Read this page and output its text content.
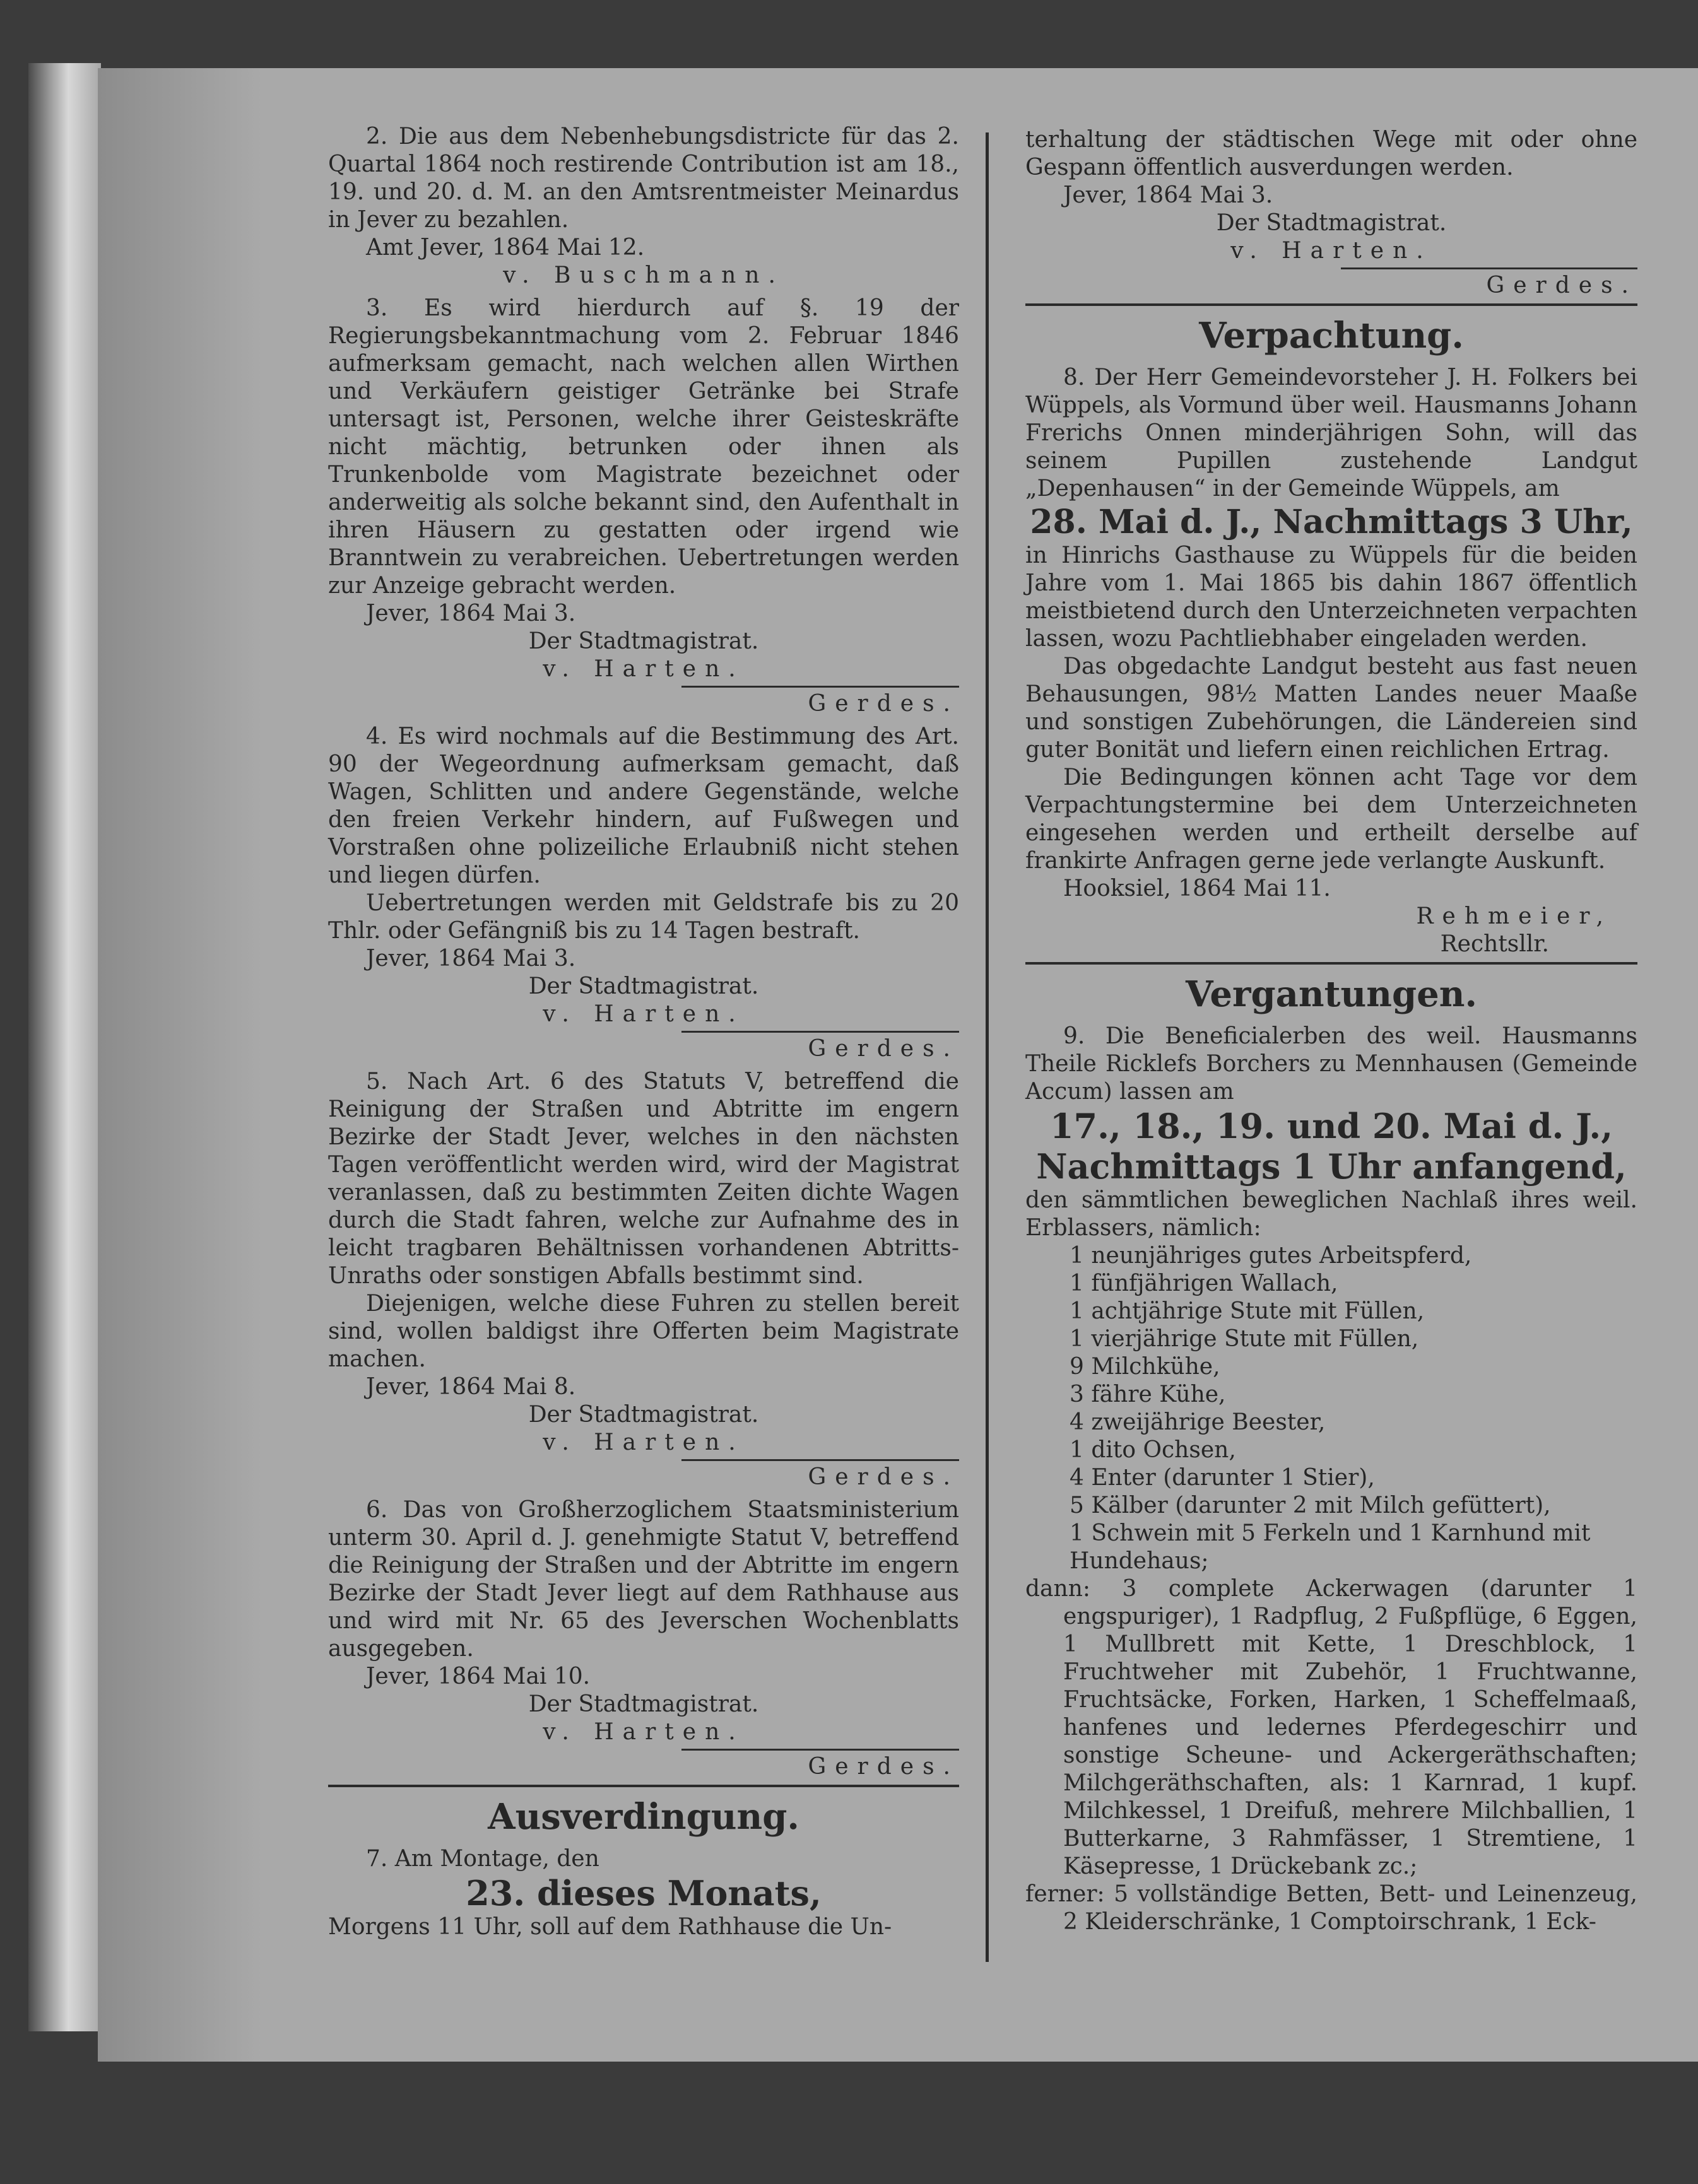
2. Die aus dem Nebenhebungsdistricte für das 2. Quartal 1864 noch restirende Contribution ist am 18., 19. und 20. d. M. an den Amtsrentmeister Meinardus in Jever zu bezahlen.

Amt Jever, 1864 Mai 12.

v. Buschmann.

3. Es wird hierdurch auf §. 19 der Regierungsbekanntmachung vom 2. Februar 1846 aufmerksam gemacht, nach welchen allen Wirthen und Verkäufern geistiger Getränke bei Strafe untersagt ist, Personen, welche ihrer Geisteskräfte nicht mächtig, betrunken oder ihnen als Trunkenbolde vom Magistrate bezeichnet oder anderweitig als solche bekannt sind, den Aufenthalt in ihren Häusern zu gestatten oder irgend wie Branntwein zu verabreichen. Uebertretungen werden zur Anzeige gebracht werden.

Jever, 1864 Mai 3.

Der Stadtmagistrat.

v. Harten.

Gerdes.

4. Es wird nochmals auf die Bestimmung des Art. 90 der Wegeordnung aufmerksam gemacht, daß Wagen, Schlitten und andere Gegenstände, welche den freien Verkehr hindern, auf Fußwegen und Vorstraßen ohne polizeiliche Erlaubniß nicht stehen und liegen dürfen.

Uebertretungen werden mit Geldstrafe bis zu 20 Thlr. oder Gefängniß bis zu 14 Tagen bestraft.

Jever, 1864 Mai 3.

Der Stadtmagistrat.

v. Harten.

Gerdes.

5. Nach Art. 6 des Statuts V, betreffend die Reinigung der Straßen und Abtritte im engern Bezirke der Stadt Jever, welches in den nächsten Tagen veröffentlicht werden wird, wird der Magistrat veranlassen, daß zu bestimmten Zeiten dichte Wagen durch die Stadt fahren, welche zur Aufnahme des in leicht tragbaren Behältnissen vorhandenen Abtritts-Unraths oder sonstigen Abfalls bestimmt sind.

Diejenigen, welche diese Fuhren zu stellen bereit sind, wollen baldigst ihre Offerten beim Magistrate machen.

Jever, 1864 Mai 8.

Der Stadtmagistrat.

v. Harten.

Gerdes.

6. Das von Großherzoglichem Staatsministerium unterm 30. April d. J. genehmigte Statut V, betreffend die Reinigung der Straßen und der Abtritte im engern Bezirke der Stadt Jever liegt auf dem Rathhause aus und wird mit Nr. 65 des Jeverschen Wochenblatts ausgegeben.

Jever, 1864 Mai 10.

Der Stadtmagistrat.

v. Harten.

Gerdes.

Ausverdingung.

7. Am Montage, den

23. dieses Monats,

Morgens 11 Uhr, soll auf dem Rathhause die Un-

terhaltung der städtischen Wege mit oder ohne Gespann öffentlich ausverdungen werden.

Jever, 1864 Mai 3.

Der Stadtmagistrat.

v. Harten.

Gerdes.

Verpachtung.

8. Der Herr Gemeindevorsteher J. H. Folkers bei Wüppels, als Vormund über weil. Hausmanns Johann Frerichs Onnen minderjährigen Sohn, will das seinem Pupillen zustehende Landgut „Depenhausen“ in der Gemeinde Wüppels, am

28. Mai d. J., Nachmittags 3 Uhr,

in Hinrichs Gasthause zu Wüppels für die beiden Jahre vom 1. Mai 1865 bis dahin 1867 öffentlich meistbietend durch den Unterzeichneten verpachten lassen, wozu Pachtliebhaber eingeladen werden.

Das obgedachte Landgut besteht aus fast neuen Behausungen, 98½ Matten Landes neuer Maaße und sonstigen Zubehörungen, die Ländereien sind guter Bonität und liefern einen reichlichen Ertrag.

Die Bedingungen können acht Tage vor dem Verpachtungstermine bei dem Unterzeichneten eingesehen werden und ertheilt derselbe auf frankirte Anfragen gerne jede verlangte Auskunft.

Hooksiel, 1864 Mai 11.

Rehmeier,

Rechtsllr.

Vergantungen.

9. Die Beneficialerben des weil. Hausmanns Theile Ricklefs Borchers zu Mennhausen (Gemeinde Accum) lassen am

17., 18., 19. und 20. Mai d. J.,
Nachmittags 1 Uhr anfangend,

den sämmtlichen beweglichen Nachlaß ihres weil. Erblassers, nämlich:

1 neunjähriges gutes Arbeitspferd,

1 fünfjährigen Wallach,

1 achtjährige Stute mit Füllen,

1 vierjährige Stute mit Füllen,

9 Milchkühe,

3 fähre Kühe,

4 zweijährige Beester,

1 dito Ochsen,

4 Enter (darunter 1 Stier),

5 Kälber (darunter 2 mit Milch gefüttert),

1 Schwein mit 5 Ferkeln und 1 Karnhund mit Hundehaus;

dann: 3 complete Ackerwagen (darunter 1 engspuriger), 1 Radpflug, 2 Fußpflüge, 6 Eggen, 1 Mullbrett mit Kette, 1 Dreschblock, 1 Fruchtweher mit Zubehör, 1 Fruchtwanne, Fruchtsäcke, Forken, Harken, 1 Scheffelmaaß, hanfenes und ledernes Pferdegeschirr und sonstige Scheune- und Ackergeräthschaften; Milchgeräthschaften, als: 1 Karnrad, 1 kupf. Milchkessel, 1 Dreifuß, mehrere Milchballien, 1 Butterkarne, 3 Rahmfässer, 1 Stremtiene, 1 Käsepresse, 1 Drückebank zc.;

ferner: 5 vollständige Betten, Bett- und Leinenzeug, 2 Kleiderschränke, 1 Comptoirschrank, 1 Eck-
